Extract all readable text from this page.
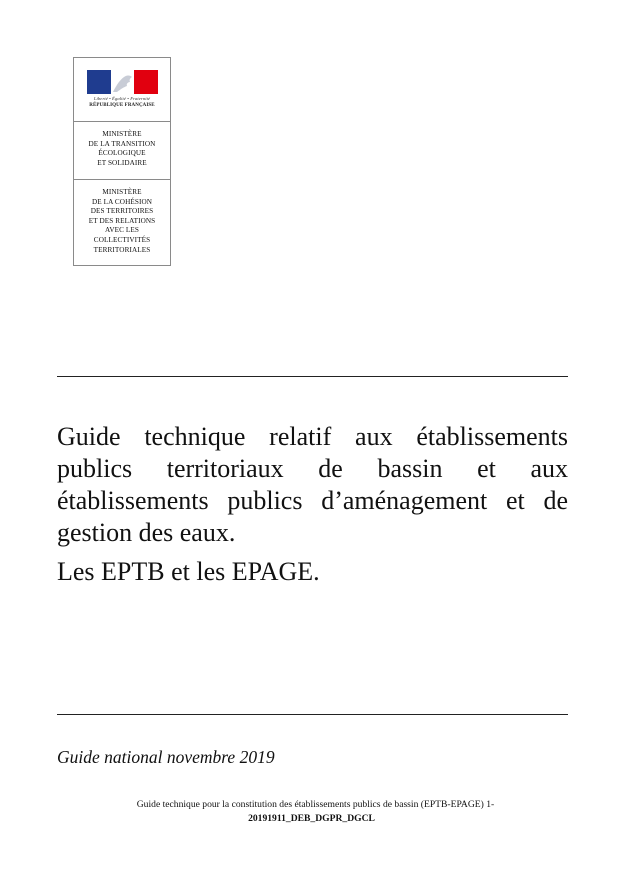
Liberté • Égalité • Fraternité
RÉPUBLIQUE FRANÇAISE
MINISTÈRE
DE LA TRANSITION
ÉCOLOGIQUE
ET SOLIDAIRE
MINISTÈRE
DE LA COHÉSION
DES TERRITOIRES
ET DES RELATIONS
AVEC LES
COLLECTIVITÉS
TERRITORIALES
Guide technique relatif aux établissements
publics territoriaux de bassin et aux
établissements publics d’aménagement et de
gestion des eaux.
Les EPTB et les EPAGE.
Guide national novembre 2019
Guide technique pour la constitution des établissements publics de bassin (EPTB-EPAGE) 1-
20191911_DEB_DGPR_DGCL
